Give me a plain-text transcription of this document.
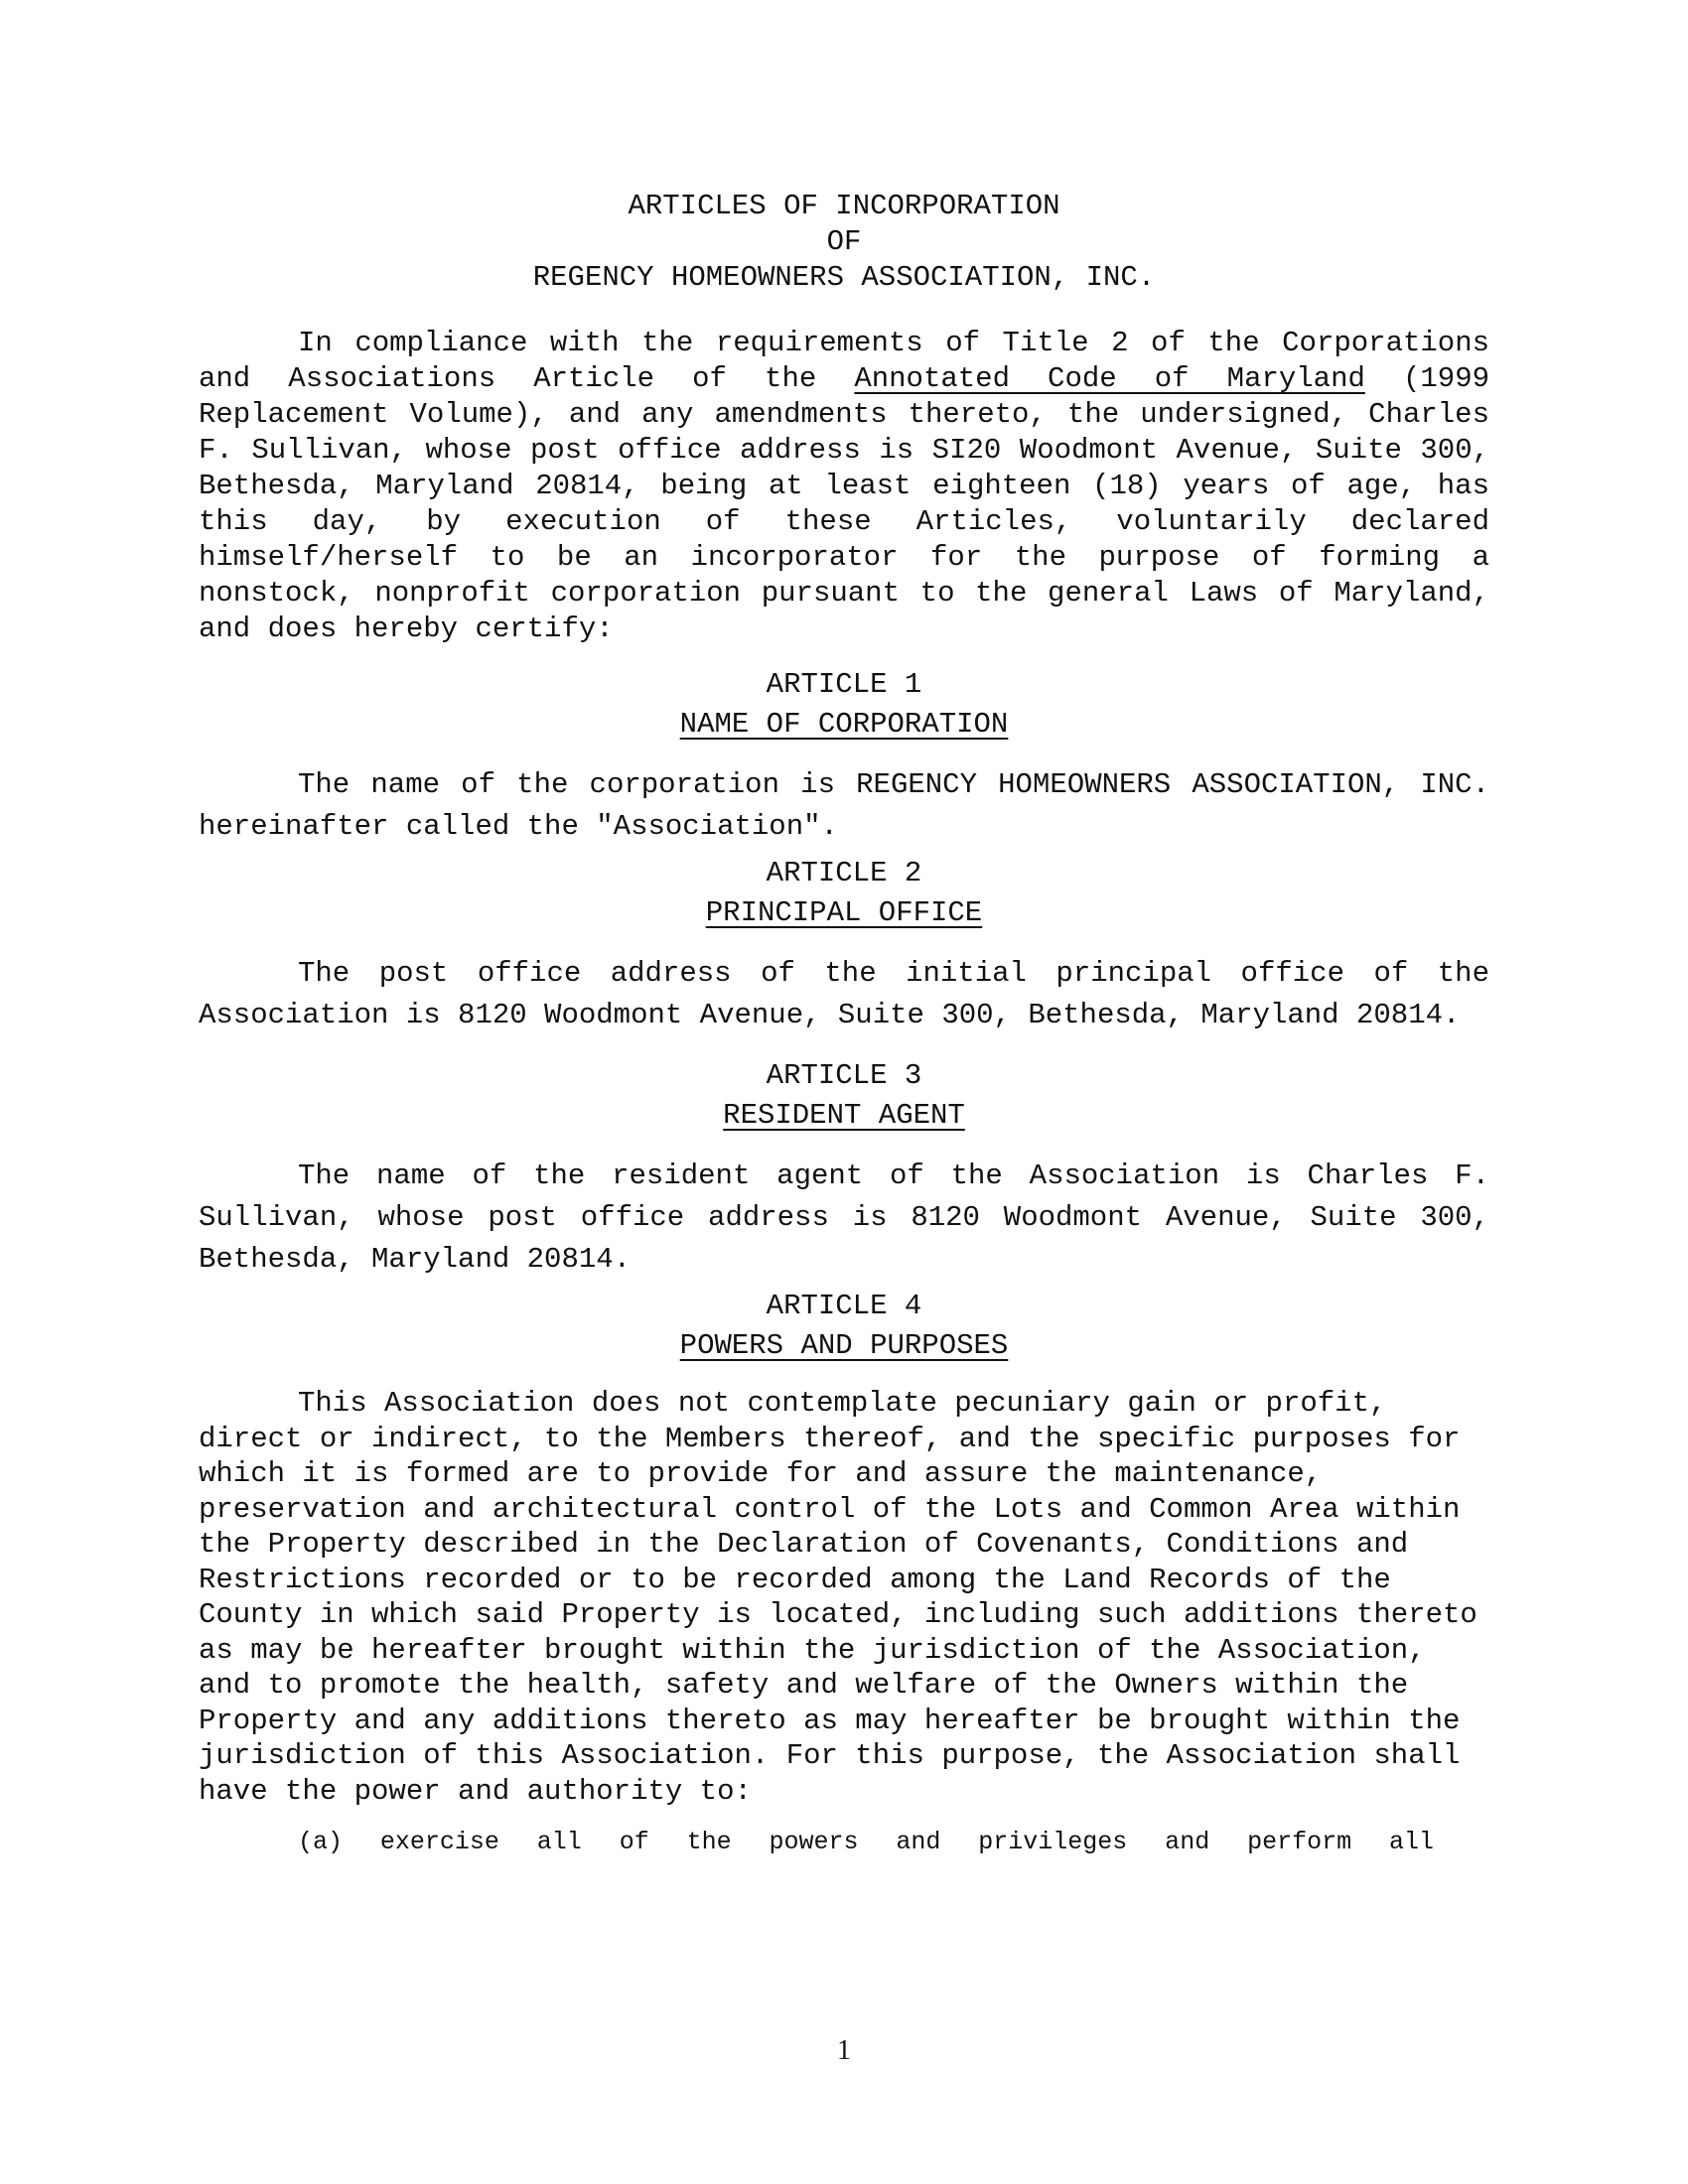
ARTICLES OF INCORPORATION
OF
REGENCY HOMEOWNERS ASSOCIATION, INC.

In compliance with the requirements of Title 2 of the Corporations and Associations Article of the Annotated Code of Maryland (1999 Replacement Volume), and any amendments thereto, the undersigned, Charles F. Sullivan, whose post office address is SI20 Woodmont Avenue, Suite 300, Bethesda, Maryland 20814, being at least eighteen (18) years of age, has this day, by execution of these Articles, voluntarily declared himself/herself to be an incorporator for the purpose of forming a nonstock, nonprofit corporation pursuant to the general Laws of Maryland, and does hereby certify:

ARTICLE 1
NAME OF CORPORATION

The name of the corporation is REGENCY HOMEOWNERS ASSOCIATION, INC. hereinafter called the "Association".

ARTICLE 2
PRINCIPAL OFFICE

The post office address of the initial principal office of the Association is 8120 Woodmont Avenue, Suite 300, Bethesda, Maryland 20814.

ARTICLE 3
RESIDENT AGENT

The name of the resident agent of the Association is Charles F. Sullivan, whose post office address is 8120 Woodmont Avenue, Suite 300, Bethesda, Maryland 20814.

ARTICLE 4
POWERS AND PURPOSES

This Association does not contemplate pecuniary gain or profit, direct or indirect, to the Members thereof, and the specific purposes for which it is formed are to provide for and assure the maintenance, preservation and architectural control of the Lots and Common Area within the Property described in the Declaration of Covenants, Conditions and Restrictions recorded or to be recorded among the Land Records of the County in which said Property is located, including such additions thereto as may be hereafter brought within the jurisdiction of the Association, and to promote the health, safety and welfare of the Owners within the Property and any additions thereto as may hereafter be brought within the jurisdiction of this Association. For this purpose, the Association shall have the power and authority to:

(a) exercise all of the powers and privileges and perform all

1
